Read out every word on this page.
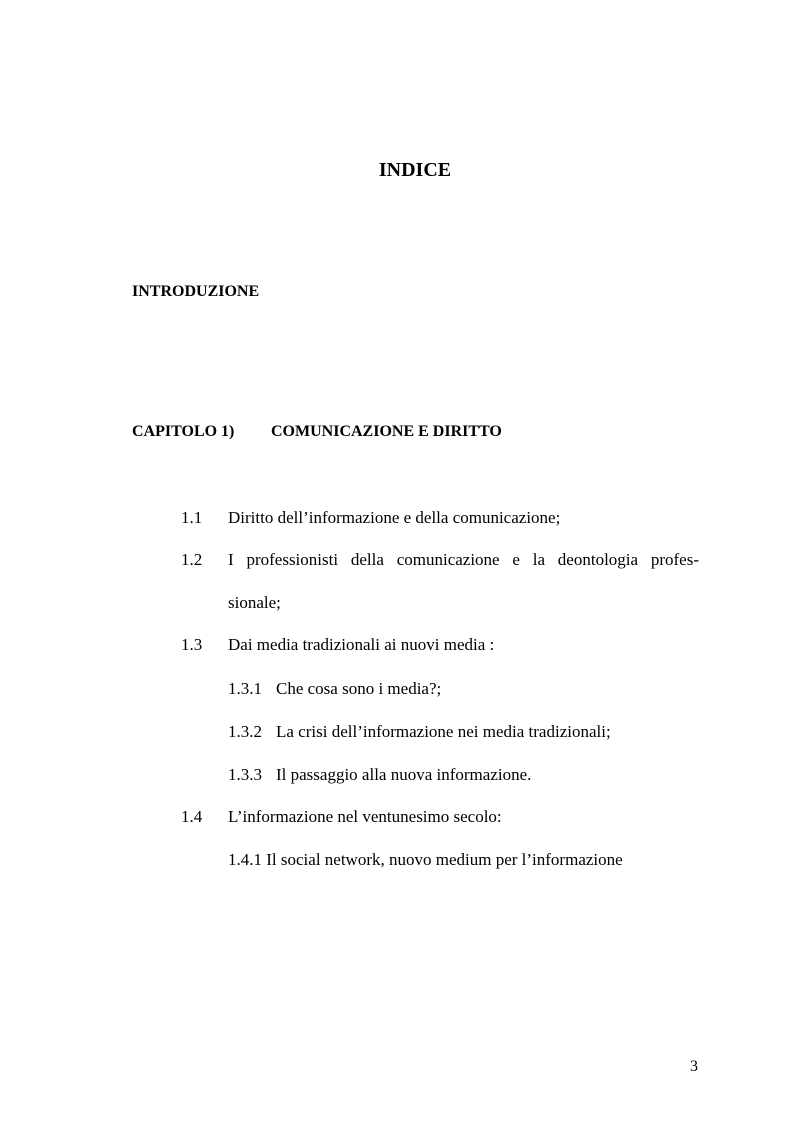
INDICE
INTRODUZIONE
CAPITOLO 1) COMUNICAZIONE E DIRITTO
1.1 Diritto dell’informazione e della comunicazione;
1.2 I professionisti della comunicazione e la deontologia profes-
sionale;
1.3 Dai media tradizionali ai nuovi media :
1.3.1 Che cosa sono i media?;
1.3.2 La crisi dell’informazione nei media tradizionali;
1.3.3 Il passaggio alla nuova informazione.
1.4 L’informazione nel ventunesimo secolo:
1.4.1 Il social network, nuovo medium per l’informazione
3
